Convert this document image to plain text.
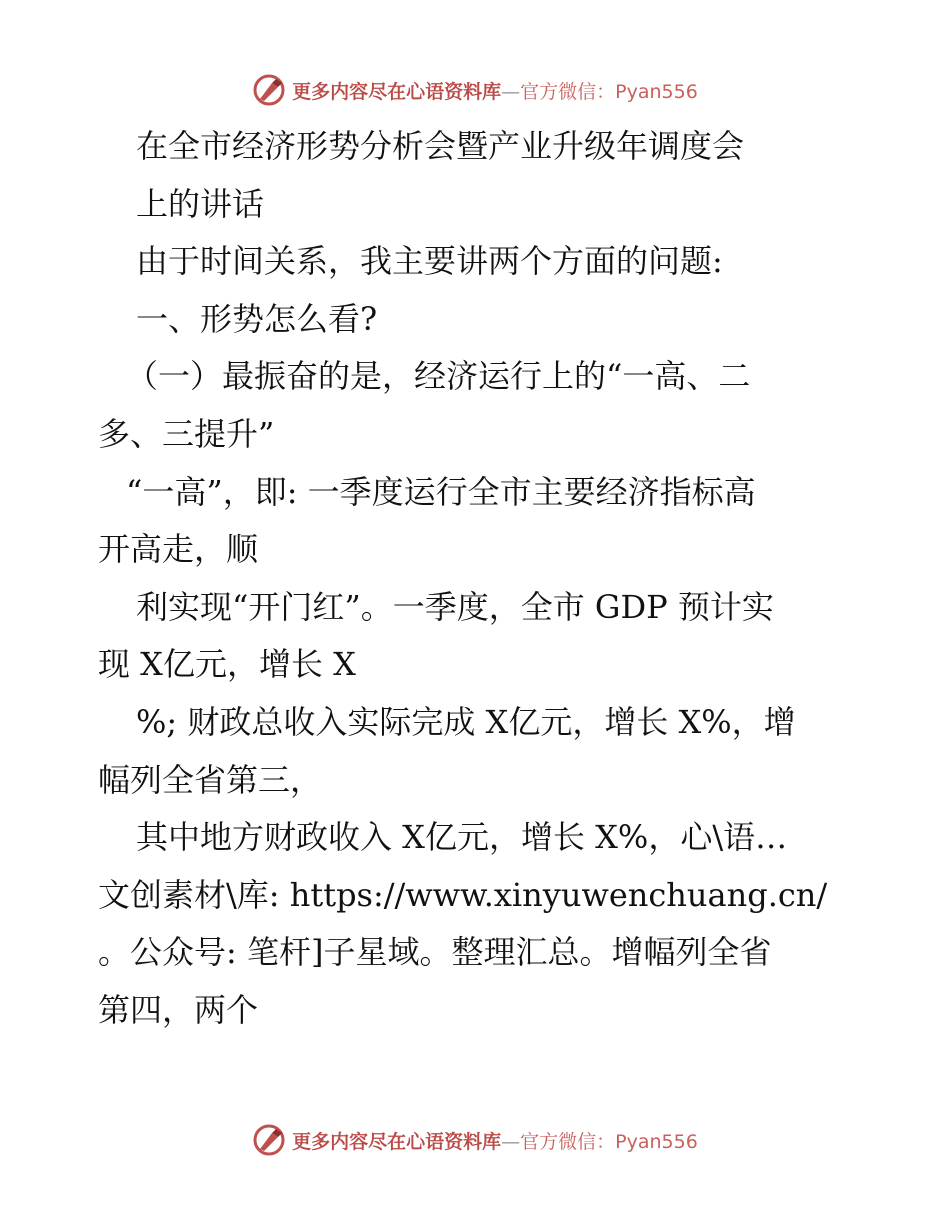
更多内容尽在心语资料库—官方微信：Pyan556
在全市经济形势分析会暨产业升级年调度会
上的讲话
由于时间关系，我主要讲两个方面的问题:
一、形势怎么看?
（一）最振奋的是，经济运行上的“一高、二
多、三提升”
“一高”，即: 一季度运行全市主要经济指标高
开高走，顺
利实现“开门红”。一季度，全市 GDP 预计实
现 X亿元，增长 X
%; 财政总收入实际完成 X亿元，增长 X%，增
幅列全省第三，
其中地方财政收入 X亿元，增长 X%，心\语…
文创素材\库: https://www.xinyuwenchuang.cn/
。公众号: 笔杆]子星域。整理汇总。增幅列全省
第四，两个
更多内容尽在心语资料库—官方微信：Pyan556
